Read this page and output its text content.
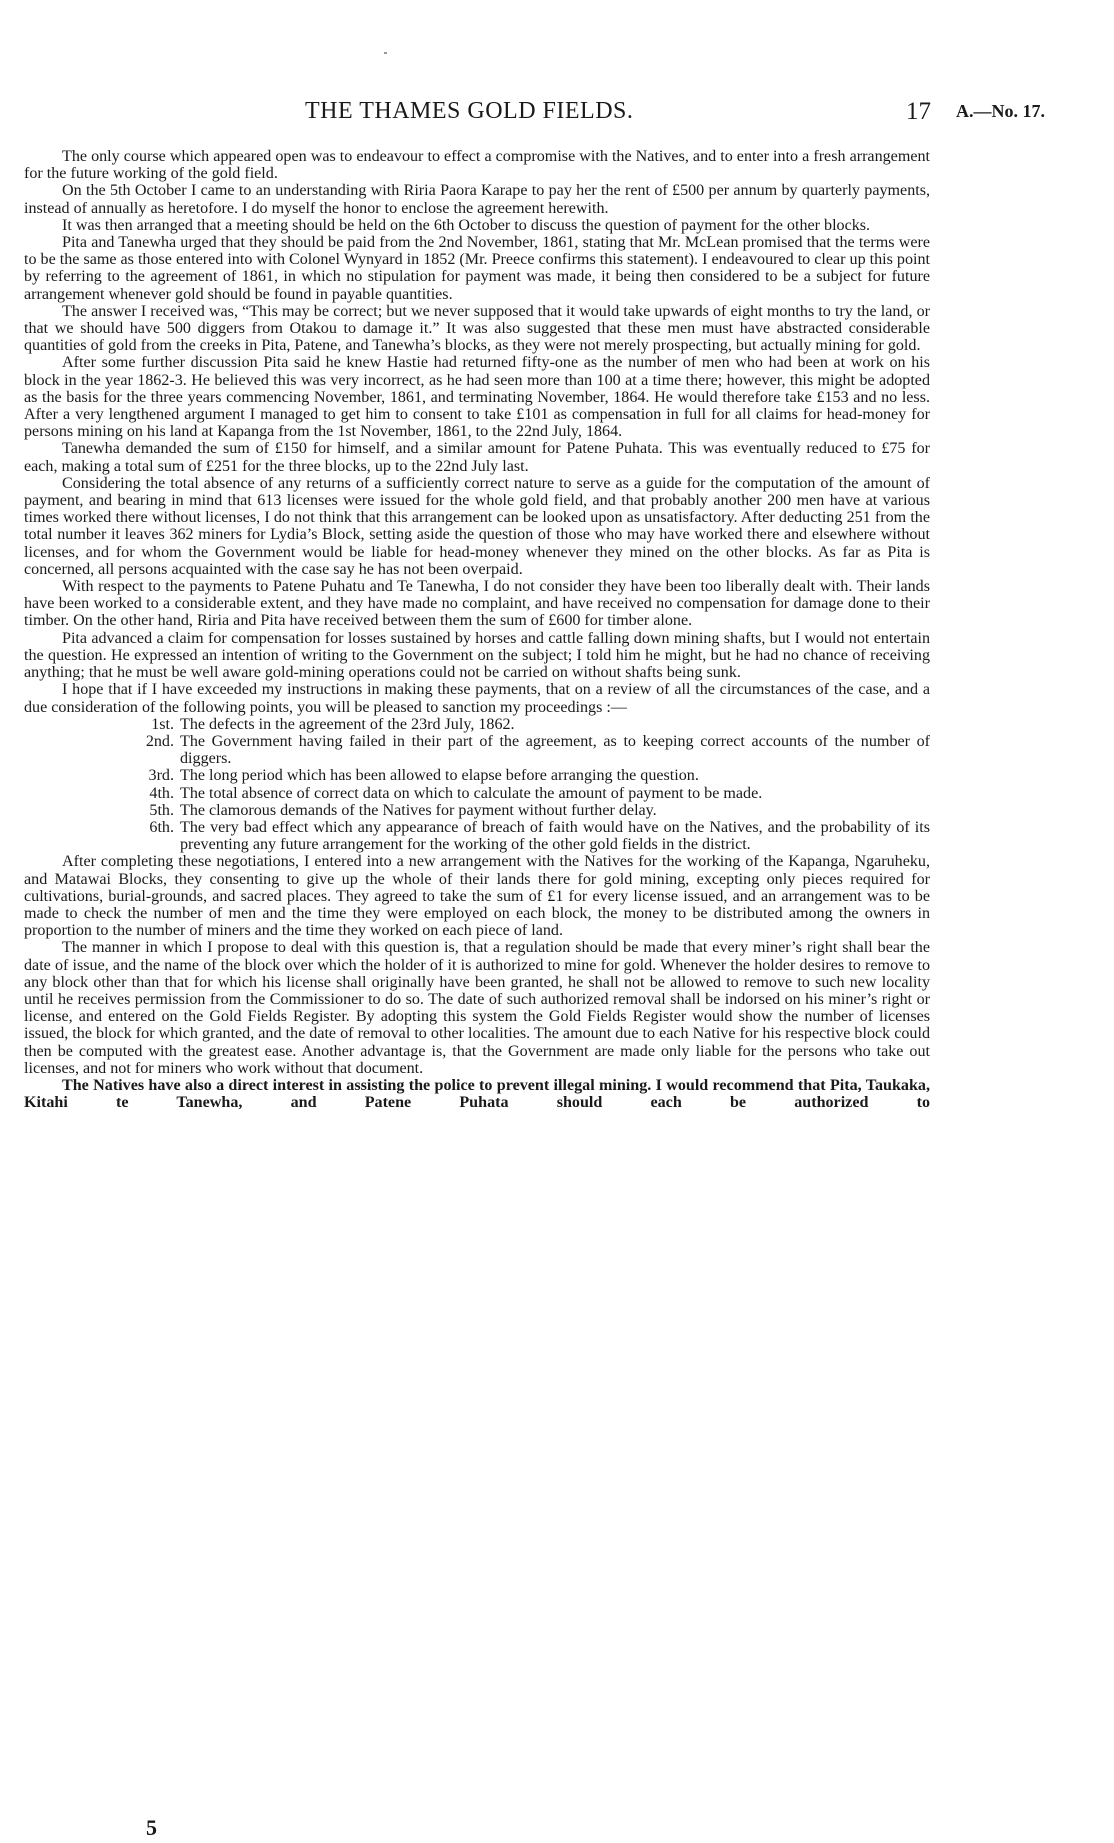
THE THAMES GOLD FIELDS.	17 A.—No. 17.

The only course which appeared open was to endeavour to effect a compromise with the Natives, and to enter into a fresh arrangement for the future working of the gold field.

On the 5th October I came to an understanding with Riria Paora Karape to pay her the rent of £500 per annum by quarterly payments, instead of annually as heretofore. I do myself the honor to enclose the agreement herewith.

It was then arranged that a meeting should be held on the 6th October to discuss the question of payment for the other blocks.

Pita and Tanewha urged that they should be paid from the 2nd November, 1861, stating that Mr. McLean promised that the terms were to be the same as those entered into with Colonel Wynyard in 1852 (Mr. Preece confirms this statement). I endeavoured to clear up this point by referring to the agreement of 1861, in which no stipulation for payment was made, it being then considered to be a subject for future arrangement whenever gold should be found in payable quantities.

The answer I received was, “This may be correct; but we never supposed that it would take upwards of eight months to try the land, or that we should have 500 diggers from Otakou to damage it.” It was also suggested that these men must have abstracted considerable quantities of gold from the creeks in Pita, Patene, and Tanewha’s blocks, as they were not merely prospecting, but actually mining for gold.

After some further discussion Pita said he knew Hastie had returned fifty-one as the number of men who had been at work on his block in the year 1862-3. He believed this was very incorrect, as he had seen more than 100 at a time there; however, this might be adopted as the basis for the three years commencing November, 1861, and terminating November, 1864. He would therefore take £153 and no less. After a very lengthened argument I managed to get him to consent to take £101 as compensation in full for all claims for head-money for persons mining on his land at Kapanga from the 1st November, 1861, to the 22nd July, 1864.

Tanewha demanded the sum of £150 for himself, and a similar amount for Patene Puhata. This was eventually reduced to £75 for each, making a total sum of £251 for the three blocks, up to the 22nd July last.

Considering the total absence of any returns of a sufficiently correct nature to serve as a guide for the computation of the amount of payment, and bearing in mind that 613 licenses were issued for the whole gold field, and that probably another 200 men have at various times worked there without licenses, I do not think that this arrangement can be looked upon as unsatisfactory. After deducting 251 from the total number it leaves 362 miners for Lydia’s Block, setting aside the question of those who may have worked there and elsewhere without licenses, and for whom the Government would be liable for head-money whenever they mined on the other blocks. As far as Pita is concerned, all persons acquainted with the case say he has not been overpaid.

With respect to the payments to Patene Puhatu and Te Tanewha, I do not consider they have been too liberally dealt with. Their lands have been worked to a considerable extent, and they have made no complaint, and have received no compensation for damage done to their timber. On the other hand, Riria and Pita have received between them the sum of £600 for timber alone.

Pita advanced a claim for compensation for losses sustained by horses and cattle falling down mining shafts, but I would not entertain the question. He expressed an intention of writing to the Government on the subject; I told him he might, but he had no chance of receiving anything; that he must be well aware gold-mining operations could not be carried on without shafts being sunk.

I hope that if I have exceeded my instructions in making these payments, that on a review of all the circumstances of the case, and a due consideration of the following points, you will be pleased to sanction my proceedings :—

1st. The defects in the agreement of the 23rd July, 1862.
2nd. The Government having failed in their part of the agreement, as to keeping correct accounts of the number of diggers.
3rd. The long period which has been allowed to elapse before arranging the question.
4th. The total absence of correct data on which to calculate the amount of payment to be made.
5th. The clamorous demands of the Natives for payment without further delay.
6th. The very bad effect which any appearance of breach of faith would have on the Natives, and the probability of its preventing any future arrangement for the working of the other gold fields in the district.

After completing these negotiations, I entered into a new arrangement with the Natives for the working of the Kapanga, Ngaruheku, and Matawai Blocks, they consenting to give up the whole of their lands there for gold mining, excepting only pieces required for cultivations, burial-grounds, and sacred places. They agreed to take the sum of £1 for every license issued, and an arrangement was to be made to check the number of men and the time they were employed on each block, the money to be distributed among the owners in proportion to the number of miners and the time they worked on each piece of land.

The manner in which I propose to deal with this question is, that a regulation should be made that every miner’s right shall bear the date of issue, and the name of the block over which the holder of it is authorized to mine for gold. Whenever the holder desires to remove to any block other than that for which his license shall originally have been granted, he shall not be allowed to remove to such new locality until he receives permission from the Commissioner to do so. The date of such authorized removal shall be indorsed on his miner’s right or license, and entered on the Gold Fields Register. By adopting this system the Gold Fields Register would show the number of licenses issued, the block for which granted, and the date of removal to other localities. The amount due to each Native for his respective block could then be computed with the greatest ease. Another advantage is, that the Government are made only liable for the persons who take out licenses, and not for miners who work without that document.

The Natives have also a direct interest in assisting the police to prevent illegal mining. I would recommend that Pita, Taukaka, Kitahi te Tanewha, and Patene Puhata should each be authorized to

5
